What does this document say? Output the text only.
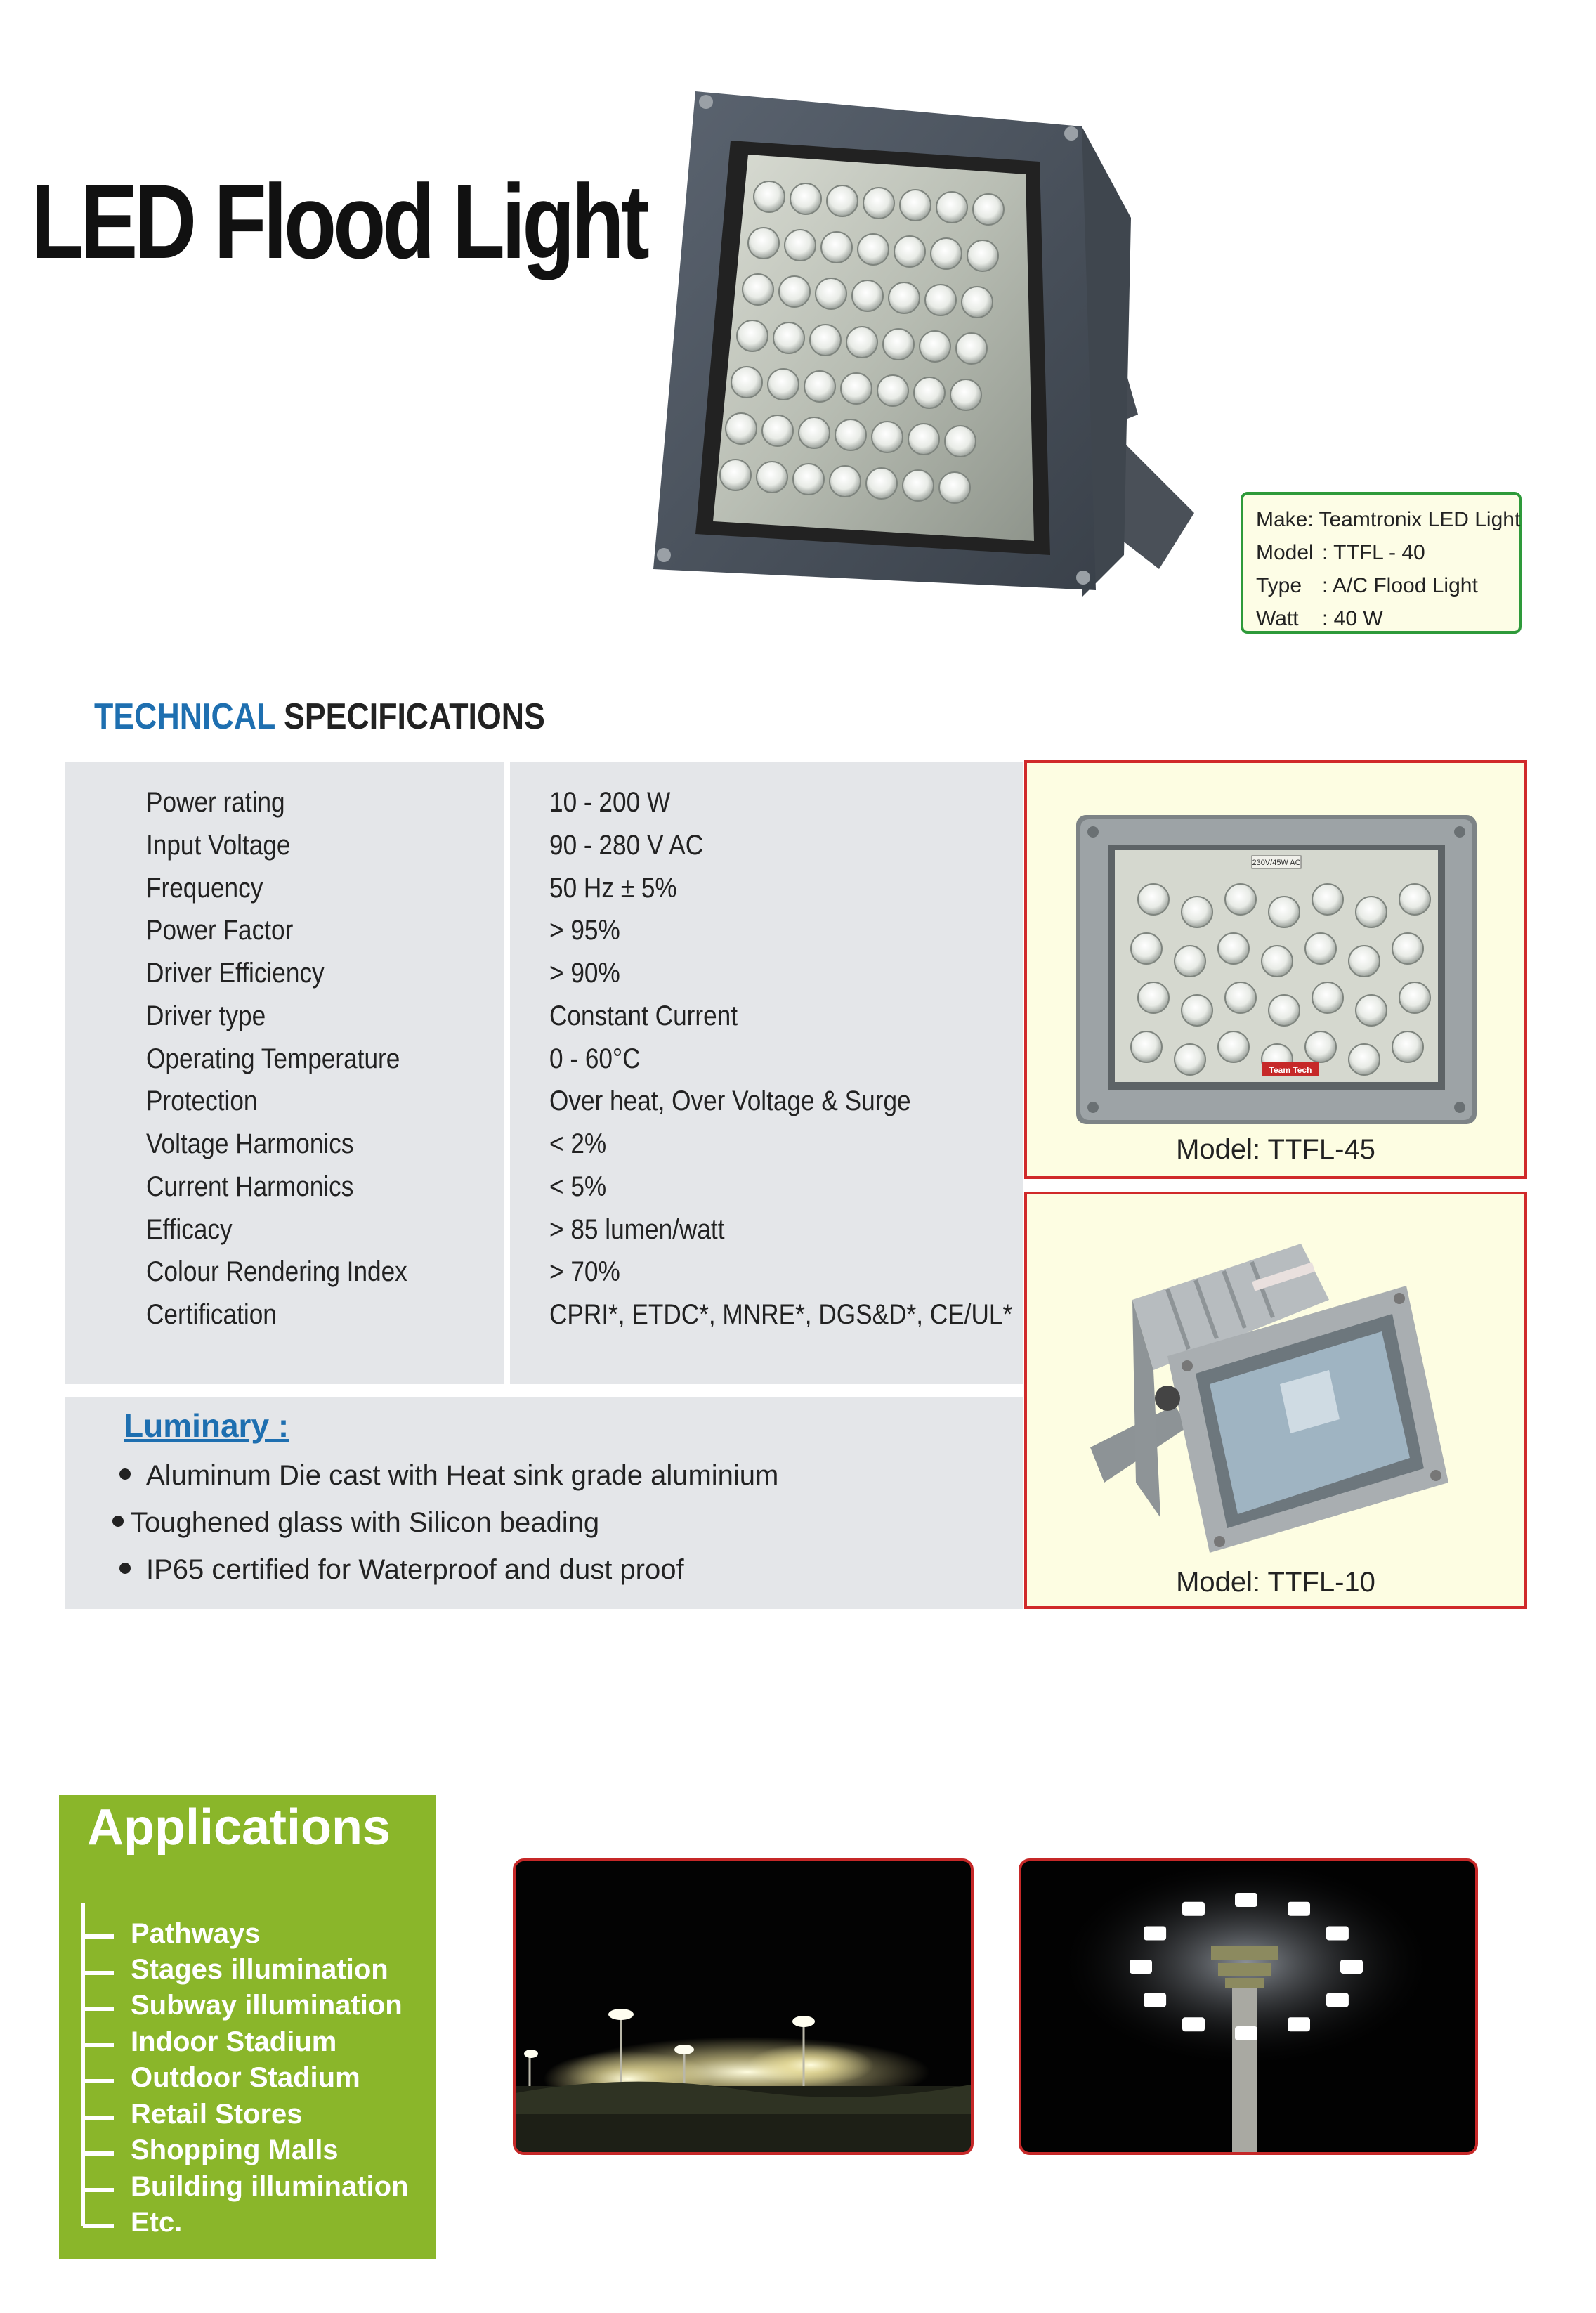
LED Flood Light
Make : Teamtronix LED Light
Model : TTFL - 40
Type : A/C Flood Light
Watt	: 40 W
TECHNICAL SPECIFICATIONS
Power rating	10 - 200 W
Input Voltage	90 - 280 V AC
Frequency	50 Hz ± 5%
Power Factor	> 95%
Driver Efficiency	> 90%
Driver type	Constant Current
Operating Temperature	0 - 60°C
Protection	Over heat, Over Voltage & Surge
Voltage Harmonics	< 2%
Current Harmonics	< 5%
Efficacy	> 85 lumen/watt
Colour Rendering Index	> 70%
Certification	CPRI*, ETDC*, MNRE*, DGS&D*, CE/UL*
Luminary :
Aluminum Die cast with Heat sink grade aluminium
Toughened glass with Silicon beading
IP65 certified for Waterproof and dust proof
230V/45W AC
Team Tech
Model: TTFL-45
Model: TTFL-10
Applications
Pathways
Stages illumination
Subway illumination
Indoor Stadium
Outdoor Stadium
Retail Stores
Shopping Malls
Building illumination
Etc.
